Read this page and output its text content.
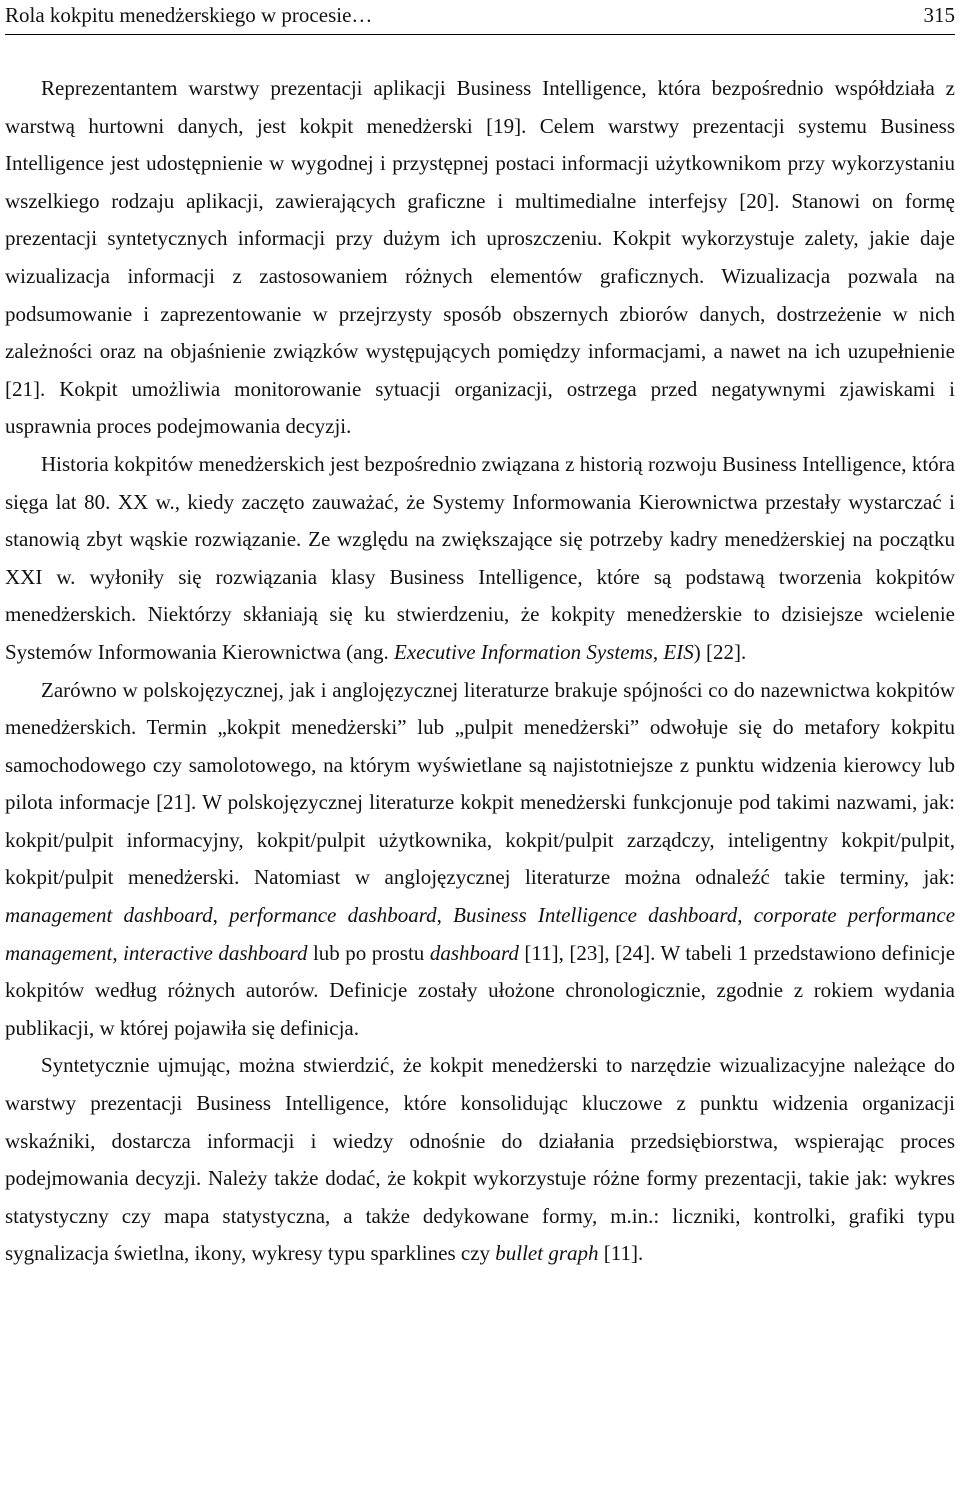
Rola kokpitu menedżerskiego w procesie…	315

Reprezentantem warstwy prezentacji aplikacji Business Intelligence, która bezpośrednio współdziała z warstwą hurtowni danych, jest kokpit menedżerski [19]. Celem warstwy prezentacji systemu Business Intelligence jest udostępnienie w wygodnej i przystępnej postaci informacji użytkownikom przy wykorzystaniu wszelkiego rodzaju aplikacji, zawierających graficzne i multimedialne interfejsy [20]. Stanowi on formę prezentacji syntetycznych informacji przy dużym ich uproszczeniu. Kokpit wykorzystuje zalety, jakie daje wizualizacja informacji z zastosowaniem różnych elementów graficznych. Wizualizacja pozwala na podsumowanie i zaprezentowanie w przejrzysty sposób obszernych zbiorów danych, dostrzeżenie w nich zależności oraz na objaśnienie związków występujących pomiędzy informacjami, a nawet na ich uzupełnienie [21]. Kokpit umożliwia monitorowanie sytuacji organizacji, ostrzega przed negatywnymi zjawiskami i usprawnia proces podejmowania decyzji.

Historia kokpitów menedżerskich jest bezpośrednio związana z historią rozwoju Business Intelligence, która sięga lat 80. XX w., kiedy zaczęto zauważać, że Systemy Informowania Kierownictwa przestały wystarczać i stanowią zbyt wąskie rozwiązanie. Ze względu na zwiększające się potrzeby kadry menedżerskiej na początku XXI w. wyłoniły się rozwiązania klasy Business Intelligence, które są podstawą tworzenia kokpitów menedżerskich. Niektórzy skłaniają się ku stwierdzeniu, że kokpity menedżerskie to dzisiejsze wcielenie Systemów Informowania Kierownictwa (ang. Executive Information Systems, EIS) [22].

Zarówno w polskojęzycznej, jak i anglojęzycznej literaturze brakuje spójności co do nazewnictwa kokpitów menedżerskich. Termin „kokpit menedżerski” lub „pulpit menedżerski” odwołuje się do metafory kokpitu samochodowego czy samolotowego, na którym wyświetlane są najistotniejsze z punktu widzenia kierowcy lub pilota informacje [21]. W polskojęzycznej literaturze kokpit menedżerski funkcjonuje pod takimi nazwami, jak: kokpit/pulpit informacyjny, kokpit/pulpit użytkownika, kokpit/pulpit zarządczy, inteligentny kokpit/pulpit, kokpit/pulpit menedżerski. Natomiast w anglojęzycznej literaturze można odnaleźć takie terminy, jak: management dashboard, performance dashboard, Business Intelligence dashboard, corporate performance management, interactive dashboard lub po prostu dashboard [11], [23], [24]. W tabeli 1 przedstawiono definicje kokpitów według różnych autorów. Definicje zostały ułożone chronologicznie, zgodnie z rokiem wydania publikacji, w której pojawiła się definicja.

Syntetycznie ujmując, można stwierdzić, że kokpit menedżerski to narzędzie wizualizacyjne należące do warstwy prezentacji Business Intelligence, które konsolidując kluczowe z punktu widzenia organizacji wskaźniki, dostarcza informacji i wiedzy odnośnie do działania przedsiębiorstwa, wspierając proces podejmowania decyzji. Należy także dodać, że kokpit wykorzystuje różne formy prezentacji, takie jak: wykres statystyczny czy mapa statystyczna, a także dedykowane formy, m.in.: liczniki, kontrolki, grafiki typu sygnalizacja świetlna, ikony, wykresy typu sparklines czy bullet graph [11].
